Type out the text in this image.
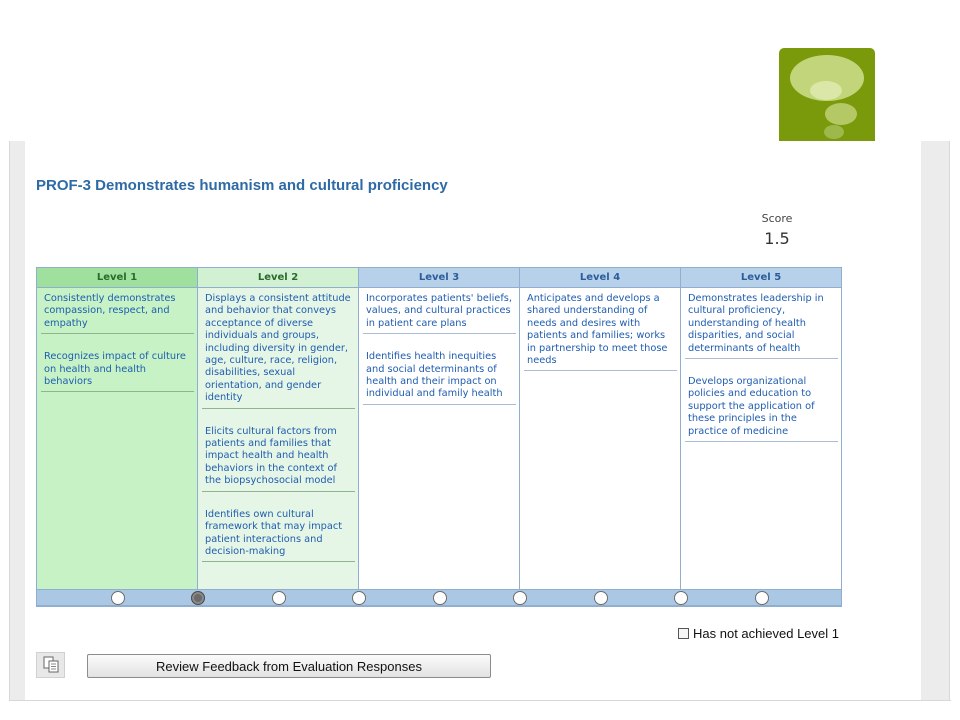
PROF-3 Demonstrates humanism and cultural proficiency
Score
1.5
Level 1
Consistently demonstrates compassion, respect, and empathy
Recognizes impact of culture on health and health behaviors
Level 2
Displays a consistent attitude and behavior that conveys acceptance of diverse individuals and groups, including diversity in gender, age, culture, race, religion, disabilities, sexual orientation, and gender identity
Elicits cultural factors from patients and families that impact health and health behaviors in the context of the biopsychosocial model
Identifies own cultural framework that may impact patient interactions and decision-making
Level 3
Incorporates patients' beliefs, values, and cultural practices in patient care plans
Identifies health inequities and social determinants of health and their impact on individual and family health
Level 4
Anticipates and develops a shared understanding of needs and desires with patients and families; works in partnership to meet those needs
Level 5
Demonstrates leadership in cultural proficiency, understanding of health disparities, and social determinants of health
Develops organizational policies and education to support the application of these principles in the practice of medicine
Has not achieved Level 1
Review Feedback from Evaluation Responses
